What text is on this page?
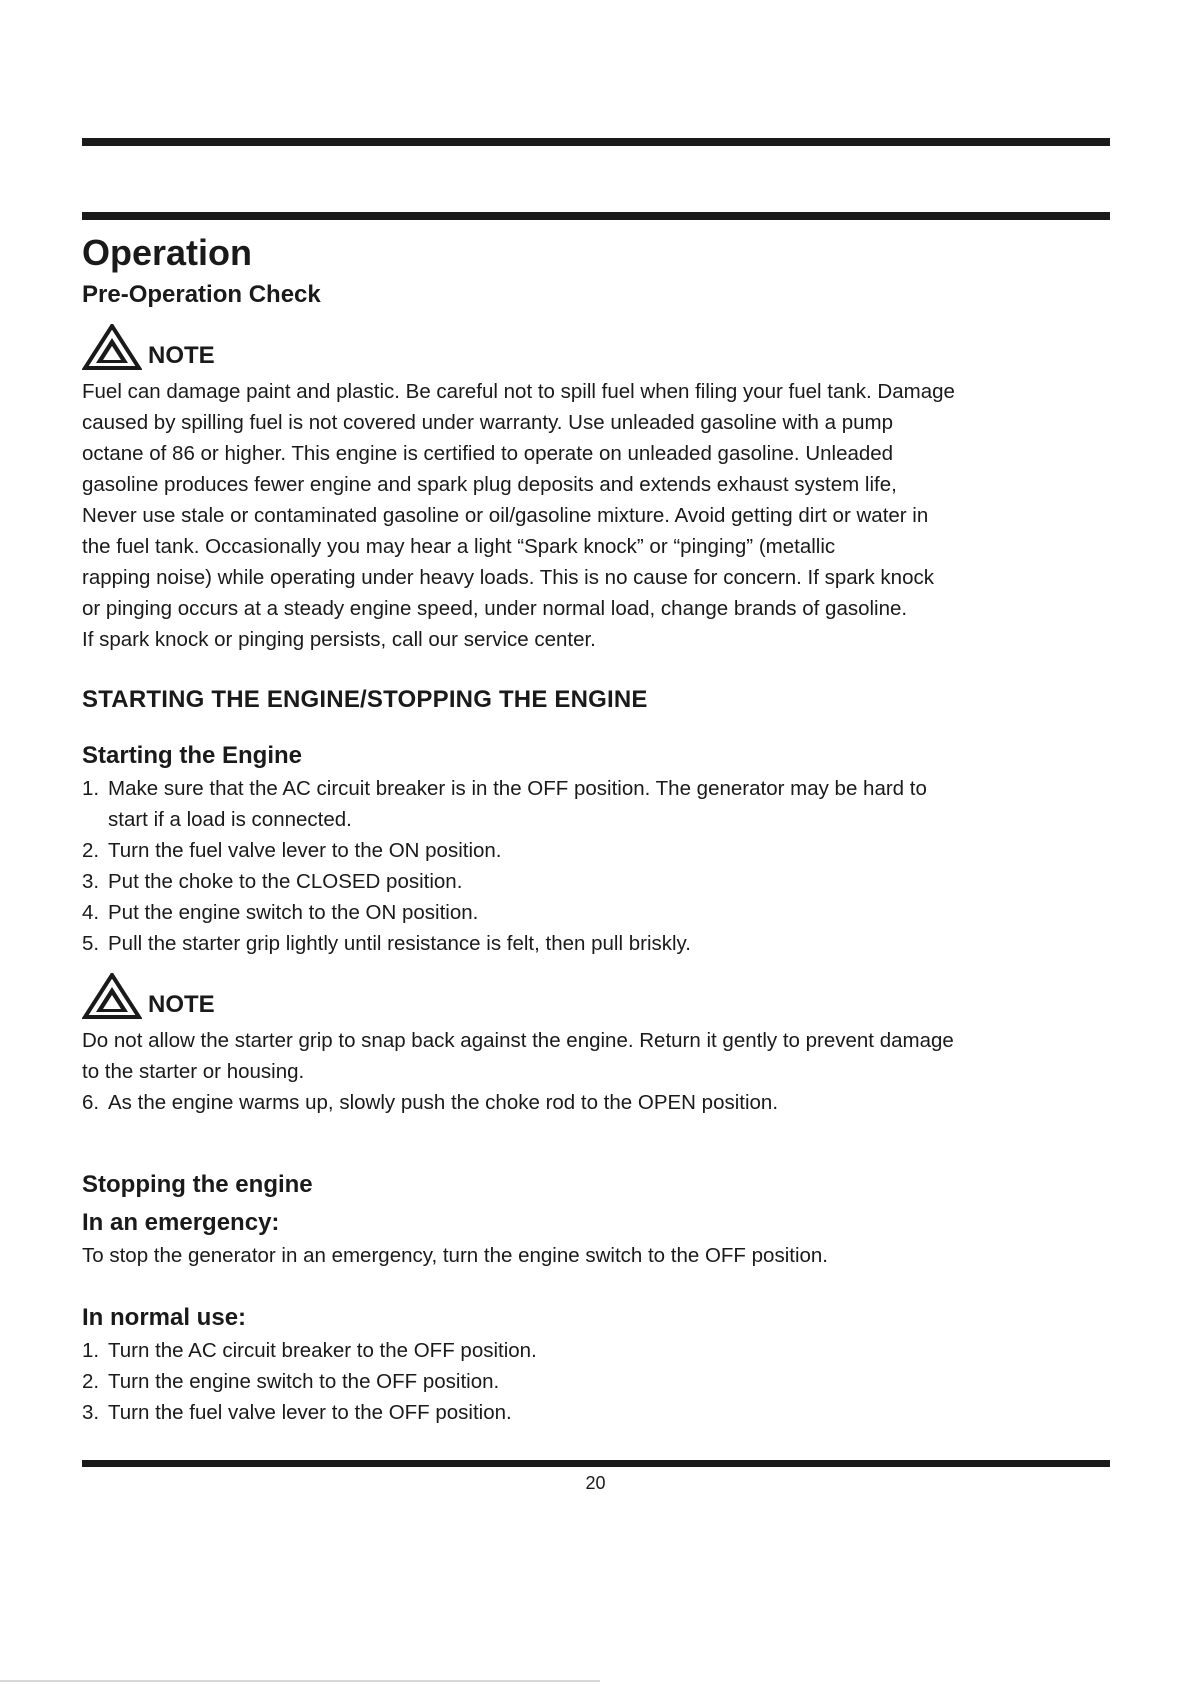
Operation
Pre-Operation Check
NOTE

Fuel can damage paint and plastic. Be careful not to spill fuel when filing your fuel tank. Damage

caused by spilling fuel is not covered under warranty. Use unleaded gasoline with a pump

octane of 86 or higher. This engine is certified to operate on unleaded gasoline. Unleaded

gasoline produces fewer engine and spark plug deposits and extends exhaust system life,

Never use stale or contaminated gasoline or oil/gasoline mixture. Avoid getting dirt or water in

the fuel tank. Occasionally you may hear a light “Spark knock” or “pinging” (metallic

rapping noise) while operating under heavy loads. This is no cause for concern. If spark knock

or pinging occurs at a steady engine speed, under normal load, change brands of gasoline.

If spark knock or pinging persists, call our service center.

STARTING THE ENGINE/STOPPING THE ENGINE
Starting the Engine
1. Make sure that the AC circuit breaker is in the OFF position. The generator may be hard to
start if a load is connected.
2. Turn the fuel valve lever to the ON position.
3. Put the choke to the CLOSED position.
4. Put the engine switch to the ON position.
5. Pull the starter grip lightly until resistance is felt, then pull briskly.
NOTE

Do not allow the starter grip to snap back against the engine. Return it gently to prevent damage

to the starter or housing.

6. As the engine warms up, slowly push the choke rod to the OPEN position.
Stopping the engine
In an emergency:

To stop the generator in an emergency, turn the engine switch to the OFF position.

In normal use:
1. Turn the AC circuit breaker to the OFF position.
2. Turn the engine switch to the OFF position.
3. Turn the fuel valve lever to the OFF position.
20
